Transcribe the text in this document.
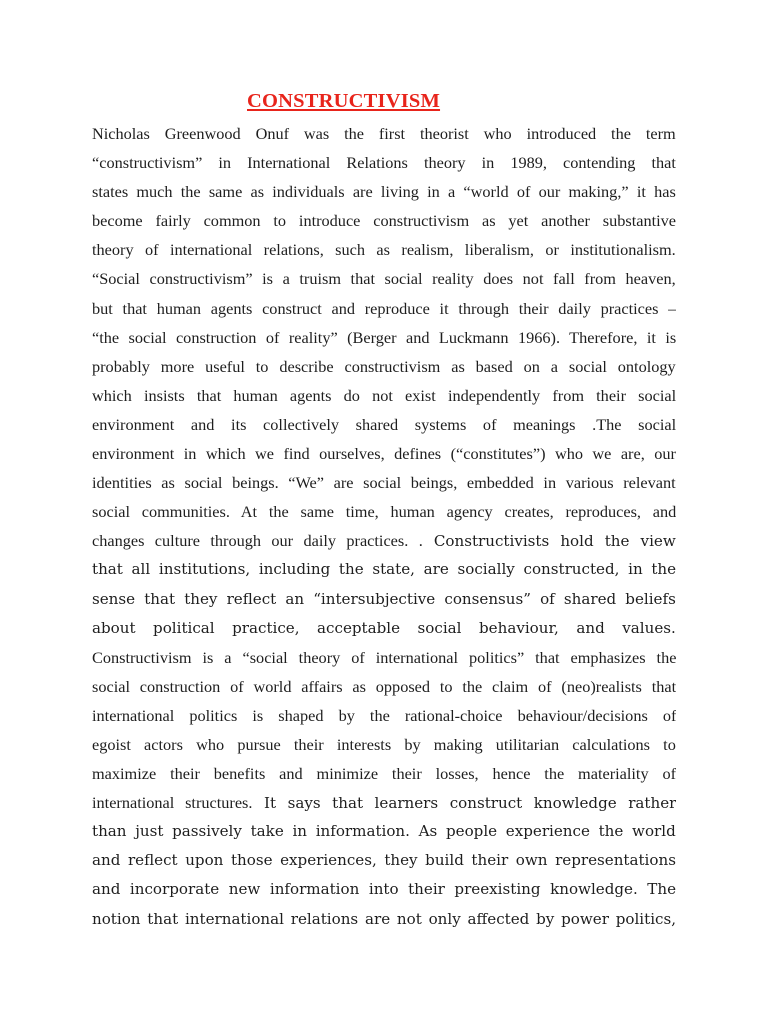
CONSTRUCTIVISM
Nicholas Greenwood Onuf was the first theorist who introduced the term
“constructivism” in International Relations theory in 1989, contending that
states much the same as individuals are living in a “world of our making,” it has
become fairly common to introduce constructivism as yet another substantive
theory of international relations, such as realism, liberalism, or institutionalism.
“Social constructivism” is a truism that social reality does not fall from heaven,
but that human agents construct and reproduce it through their daily practices –
“the social construction of reality” (Berger and Luckmann 1966). Therefore, it is
probably more useful to describe constructivism as based on a social ontology
which insists that human agents do not exist independently from their social
environment and its collectively shared systems of meanings .The social
environment in which we find ourselves, defines (“constitutes”) who we are, our
identities as social beings. “We” are social beings, embedded in various relevant
social communities. At the same time, human agency creates, reproduces, and
changes culture through our daily practices. . Constructivists hold the view
that all institutions, including the state, are socially constructed, in the
sense that they reflect an “intersubjective consensus” of shared beliefs
about political practice, acceptable social behaviour, and values.
Constructivism is a “social theory of international politics” that emphasizes the
social construction of world affairs as opposed to the claim of (neo)realists that
international politics is shaped by the rational-choice behaviour/decisions of
egoist actors who pursue their interests by making utilitarian calculations to
maximize their benefits and minimize their losses, hence the materiality of
international structures. It says that learners construct knowledge rather
than just passively take in information. As people experience the world
and reflect upon those experiences, they build their own representations
and incorporate new information into their preexisting knowledge. The
notion that international relations are not only affected by power politics,
